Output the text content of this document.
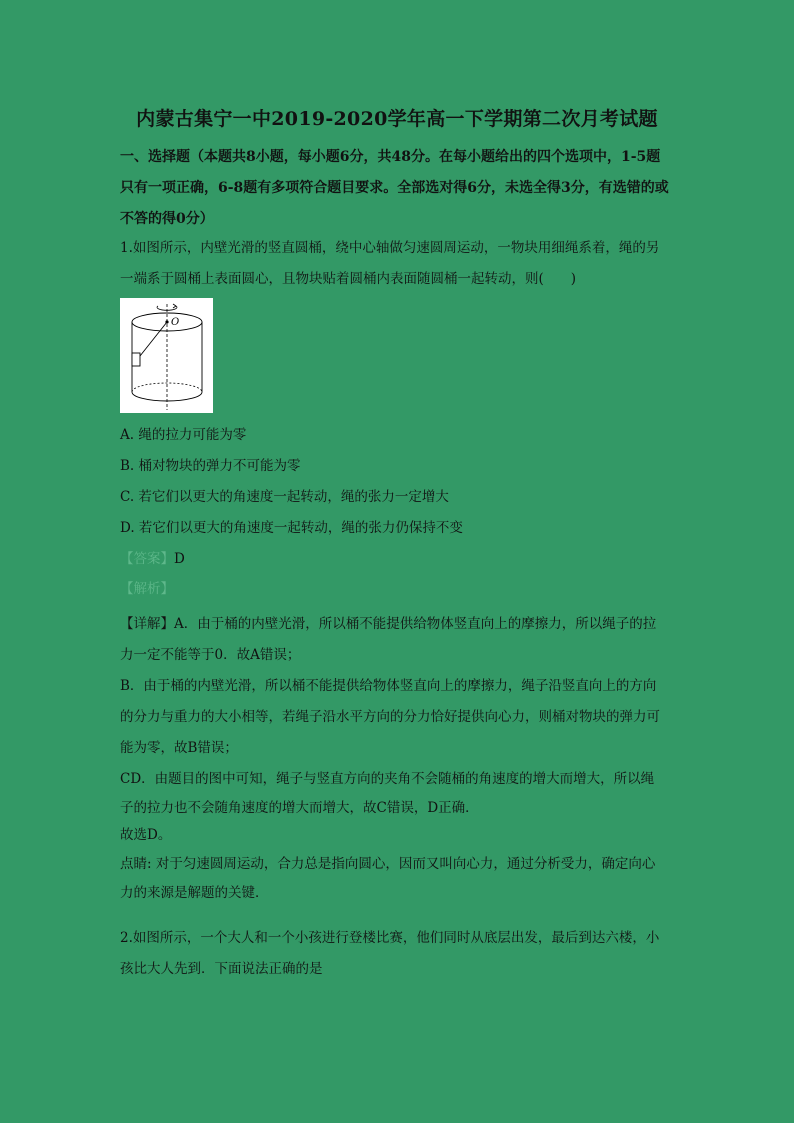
内蒙古集宁一中2019-2020学年高一下学期第二次月考试题
一、选择题（本题共8小题，每小题6分，共48分。在每小题给出的四个选项中，1-5题
只有一项正确，6-8题有多项符合题目要求。全部选对得6分，未选全得3分，有选错的或
不答的得0分）
1.如图所示，内壁光滑的竖直圆桶，绕中心轴做匀速圆周运动，一物块用细绳系着，绳的另
一端系于圆桶上表面圆心，且物块贴着圆桶内表面随圆桶一起转动，则(　　)
O
A. 绳的拉力可能为零
B. 桶对物块的弹力不可能为零
C. 若它们以更大的角速度一起转动，绳的张力一定增大
D. 若它们以更大的角速度一起转动，绳的张力仍保持不变
【答案】D
【解析】
【详解】A．由于桶的内壁光滑，所以桶不能提供给物体竖直向上的摩擦力，所以绳子的拉
力一定不能等于0．故A错误；
B．由于桶的内壁光滑，所以桶不能提供给物体竖直向上的摩擦力，绳子沿竖直向上的方向
的分力与重力的大小相等，若绳子沿水平方向的分力恰好提供向心力，则桶对物块的弹力可
能为零，故B错误；
CD．由题目的图中可知，绳子与竖直方向的夹角不会随桶的角速度的增大而增大，所以绳
子的拉力也不会随角速度的增大而增大，故C错误，D正确．
故选D。
点睛: 对于匀速圆周运动，合力总是指向圆心，因而又叫向心力，通过分析受力，确定向心
力的来源是解题的关键．
2.如图所示，一个大人和一个小孩进行登楼比赛，他们同时从底层出发，最后到达六楼，小
孩比大人先到．下面说法正确的是
